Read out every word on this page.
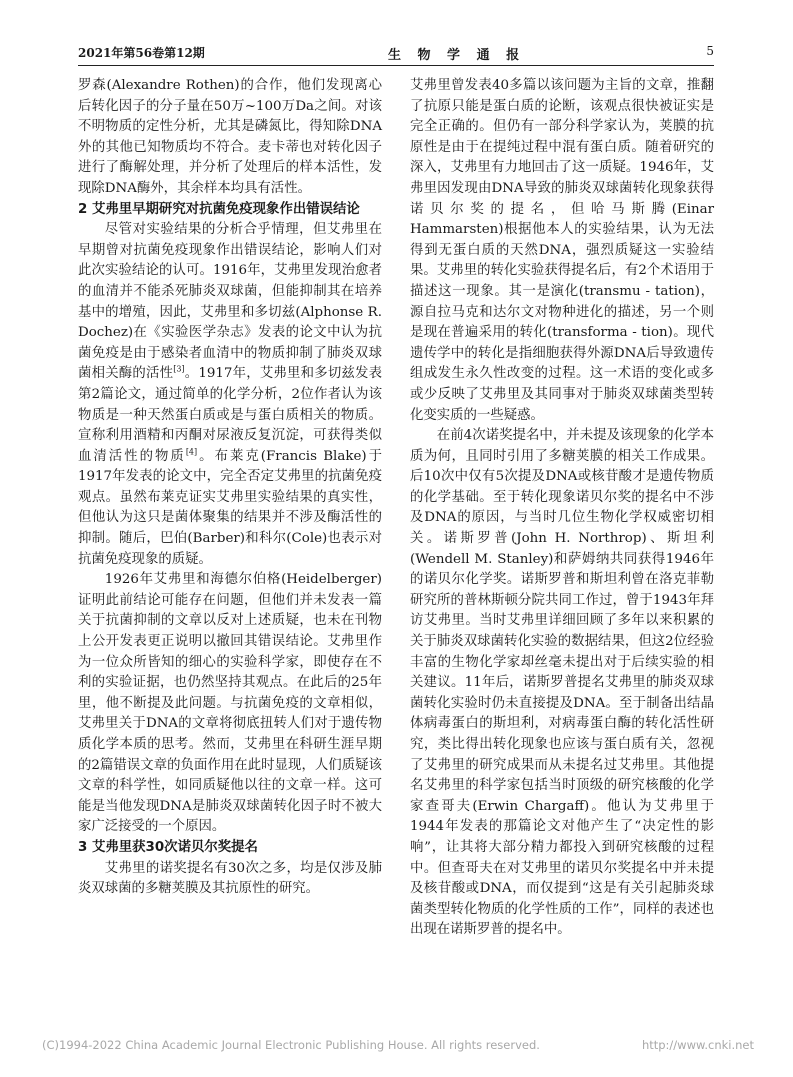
2021年第56卷第12期	生 物 学 通 报	5

罗森(Alexandre Rothen)的合作，他们发现离心后转化因子的分子量在50万~100万Da之间。对该不明物质的定性分析，尤其是磷氮比，得知除DNA外的其他已知物质均不符合。麦卡蒂也对转化因子进行了酶解处理，并分析了处理后的样本活性，发现除DNA酶外，其余样本均具有活性。

2 艾弗里早期研究对抗菌免疫现象作出错误结论

尽管对实验结果的分析合乎情理，但艾弗里在早期曾对抗菌免疫现象作出错误结论，影响人们对此次实验结论的认可。1916年，艾弗里发现治愈者的血清并不能杀死肺炎双球菌，但能抑制其在培养基中的增殖，因此，艾弗里和多切兹(Alphonse R. Dochez)在《实验医学杂志》发表的论文中认为抗菌免疫是由于感染者血清中的物质抑制了肺炎双球菌相关酶的活性[3]。1917年，艾弗里和多切兹发表第2篇论文，通过简单的化学分析，2位作者认为该物质是一种天然蛋白质或是与蛋白质相关的物质。宣称利用酒精和丙酮对尿液反复沉淀，可获得类似血清活性的物质[4]。布莱克(Francis Blake)于1917年发表的论文中，完全否定艾弗里的抗菌免疫观点。虽然布莱克证实艾弗里实验结果的真实性，但他认为这只是菌体聚集的结果并不涉及酶活性的抑制。随后，巴伯(Barber)和科尔(Cole)也表示对抗菌免疫现象的质疑。

1926年艾弗里和海德尔伯格(Heidelberger)证明此前结论可能存在问题，但他们并未发表一篇关于抗菌抑制的文章以反对上述质疑，也未在刊物上公开发表更正说明以撤回其错误结论。艾弗里作为一位众所皆知的细心的实验科学家，即使存在不利的实验证据，也仍然坚持其观点。在此后的25年里，他不断提及此问题。与抗菌免疫的文章相似，艾弗里关于DNA的文章将彻底扭转人们对于遗传物质化学本质的思考。然而，艾弗里在科研生涯早期的2篇错误文章的负面作用在此时显现，人们质疑该文章的科学性，如同质疑他以往的文章一样。这可能是当他发现DNA是肺炎双球菌转化因子时不被大家广泛接受的一个原因。

3 艾弗里获30次诺贝尔奖提名

艾弗里的诺奖提名有30次之多，均是仅涉及肺炎双球菌的多糖荚膜及其抗原性的研究。

艾弗里曾发表40多篇以该问题为主旨的文章，推翻了抗原只能是蛋白质的论断，该观点很快被证实是完全正确的。但仍有一部分科学家认为，荚膜的抗原性是由于在提纯过程中混有蛋白质。随着研究的深入，艾弗里有力地回击了这一质疑。1946年，艾弗里因发现由DNA导致的肺炎双球菌转化现象获得诺贝尔奖的提名，但哈马斯腾(Einar Hammarsten)根据他本人的实验结果，认为无法得到无蛋白质的天然DNA，强烈质疑这一实验结果。艾弗里的转化实验获得提名后，有2个术语用于描述这一现象。其一是演化(transmu - tation)，源自拉马克和达尔文对物种进化的描述，另一个则是现在普遍采用的转化(transforma - tion)。现代遗传学中的转化是指细胞获得外源DNA后导致遗传组成发生永久性改变的过程。这一术语的变化或多或少反映了艾弗里及其同事对于肺炎双球菌类型转化变实质的一些疑惑。

在前4次诺奖提名中，并未提及该现象的化学本质为何，且同时引用了多糖荚膜的相关工作成果。后10次中仅有5次提及DNA或核苷酸才是遗传物质的化学基础。至于转化现象诺贝尔奖的提名中不涉及DNA的原因，与当时几位生物化学权威密切相关。诺斯罗普(John H. Northrop)、斯坦利(Wendell M. Stanley)和萨姆纳共同获得1946年的诺贝尔化学奖。诺斯罗普和斯坦利曾在洛克菲勒研究所的普林斯顿分院共同工作过，曾于1943年拜访艾弗里。当时艾弗里详细回顾了多年以来积累的关于肺炎双球菌转化实验的数据结果，但这2位经验丰富的生物化学家却丝毫未提出对于后续实验的相关建议。11年后，诺斯罗普提名艾弗里的肺炎双球菌转化实验时仍未直接提及DNA。至于制备出结晶体病毒蛋白的斯坦利，对病毒蛋白酶的转化活性研究，类比得出转化现象也应该与蛋白质有关，忽视了艾弗里的研究成果而从未提名过艾弗里。其他提名艾弗里的科学家包括当时顶级的研究核酸的化学家查哥夫(Erwin Chargaff)。他认为艾弗里于1944年发表的那篇论文对他产生了“决定性的影响”，让其将大部分精力都投入到研究核酸的过程中。但查哥夫在对艾弗里的诺贝尔奖提名中并未提及核苷酸或DNA，而仅提到“这是有关引起肺炎球菌类型转化物质的化学性质的工作”，同样的表述也出现在诺斯罗普的提名中。

(C)1994-2022 China Academic Journal Electronic Publishing House. All rights reserved.	http://www.cnki.net
